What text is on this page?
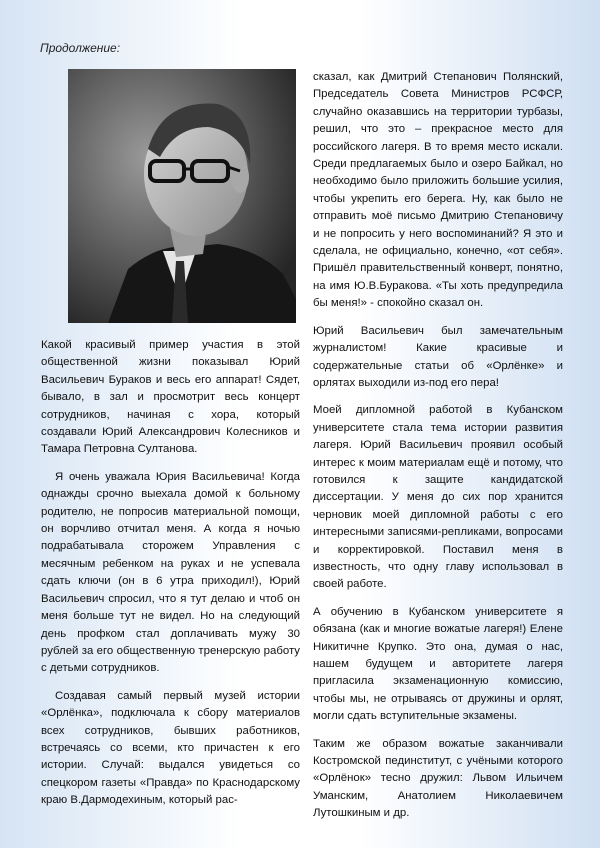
Продолжение:

Какой красивый пример участия в этой общественной жизни показывал Юрий Васильевич Бураков и весь его аппарат! Сядет, бывало, в зал и просмотрит весь концерт сотрудников, начиная с хора, который создавали Юрий Александрович Колесников и Тамара Петровна Султанова.

Я очень уважала Юрия Васильевича! Когда однажды срочно выехала домой к больному родителю, не попросив материальной помощи, он ворчливо отчитал меня. А когда я ночью подрабатывала сторожем Управления с месячным ребенком на руках и не успевала сдать ключи (он в 6 утра приходил!), Юрий Васильевич спросил, что я тут делаю и чтоб он меня больше тут не видел. Но на следующий день профком стал доплачивать мужу 30 рублей за его общественную тренерскую работу с детьми сотрудников.

Создавая самый первый музей истории «Орлёнка», подключала к сбору материалов всех сотрудников, бывших работников, встречаясь со всеми, кто причастен к его истории. Случай: выдался увидеться со спецкором газеты «Правда» по Краснодарскому краю В.Дармодехиным, который рас-

сказал, как Дмитрий Степанович Полянский, Председатель Совета Министров РСФСР, случайно оказавшись на территории турбазы, решил, что это – прекрасное место для российского лагеря. В то время место искали. Среди предлагаемых было и озеро Байкал, но необходимо было приложить большие усилия, чтобы укрепить его берега. Ну, как было не отправить моё письмо Дмитрию Степановичу и не попросить у него воспоминаний? Я это и сделала, не официально, конечно, «от себя». Пришёл правительственный конверт, понятно, на имя Ю.В.Буракова. «Ты хоть предупредила бы меня!» - спокойно сказал он.

Юрий Васильевич был замечательным журналистом! Какие красивые и содержательные статьи об «Орлёнке» и орлятах выходили из-под его пера!

Моей дипломной работой в Кубанском университете стала тема истории развития лагеря. Юрий Васильевич проявил особый интерес к моим материалам ещё и потому, что готовился к защите кандидатской диссертации. У меня до сих пор хранится черновик моей дипломной работы с его интересными записями-репликами, вопросами и корректировкой. Поставил меня в известность, что одну главу использовал в своей работе.

А обучению в Кубанском университете я обязана (как и многие вожатые лагеря!) Елене Никитичне Крупко. Это она, думая о нас, нашем будущем и авторитете лагеря пригласила экзаменационную комиссию, чтобы мы, не отрываясь от дружины и орлят, могли сдать вступительные экзамены.

Таким же образом вожатые заканчивали Костромской пединститут, с учёными которого «Орлёнок» тесно дружил: Львом Ильичем Уманским, Анатолием Николаевичем Лутошкиным и др.
